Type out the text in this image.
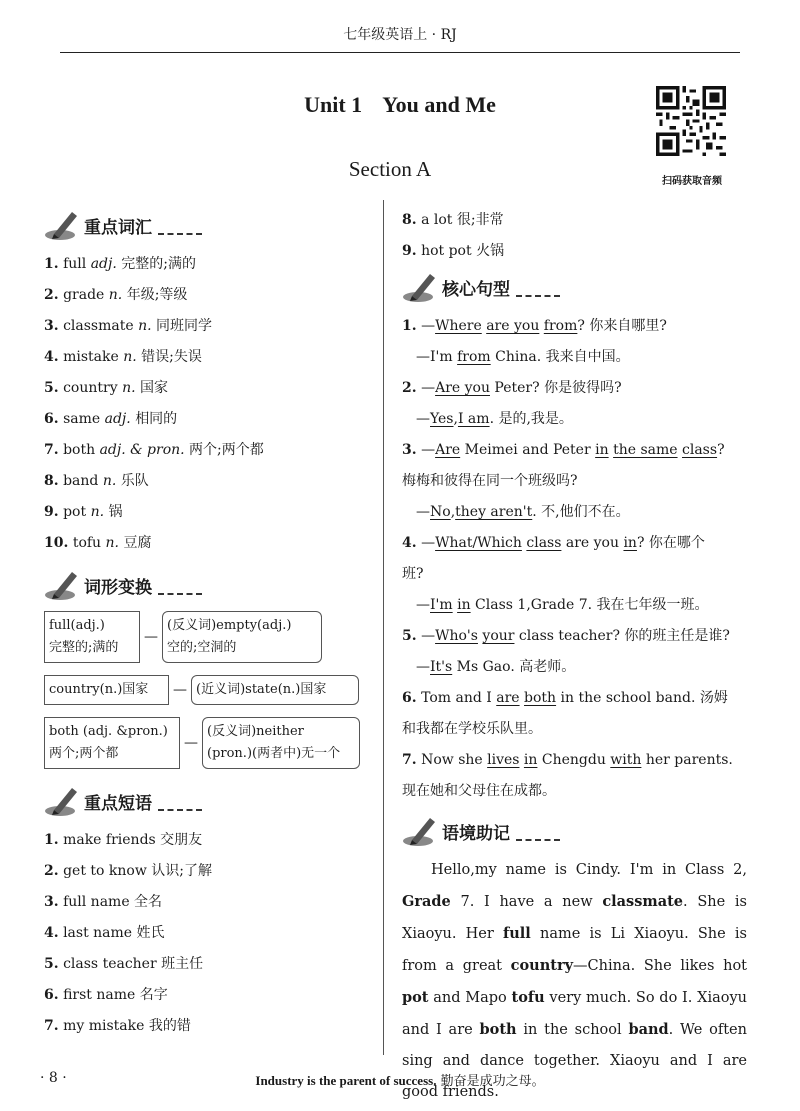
七年级英语上 · RJ
Unit 1 You and Me
Section A
扫码获取音频
重点词汇
1. full adj. 完整的;满的
2. grade n. 年级;等级
3. classmate n. 同班同学
4. mistake n. 错误;失误
5. country n. 国家
6. same adj. 相同的
7. both adj. & pron. 两个;两个都
8. band n. 乐队
9. pot n. 锅
10. tofu n. 豆腐
词形变换
full(adj.)
完整的;满的
—
(反义词)empty(adj.)
空的;空洞的
country(n.)国家	— (近义词)state(n.)国家
both (adj. &pron.)
两个;两个都
—
(反义词)neither
(pron.)(两者中)无一个
重点短语
1. make friends 交朋友
2. get to know 认识;了解
3. full name 全名
4. last name 姓氏
5. class teacher 班主任
6. first name 名字
7. my mistake 我的错
8. a lot 很;非常
9. hot pot 火锅
核心句型
1. —Where are you from? 你来自哪里?
—I'm from China. 我来自中国。
2. —Are you Peter? 你是彼得吗?
—Yes,I am. 是的,我是。
3. —Are Meimei and Peter in the same class?
梅梅和彼得在同一个班级吗?
—No,they aren't. 不,他们不在。
4. —What/Which class are you in? 你在哪个
班?
—I'm in Class 1,Grade 7. 我在七年级一班。
5. —Who's your class teacher? 你的班主任是谁?
—It's Ms Gao. 高老师。
6. Tom and I are both in the school band. 汤姆
和我都在学校乐队里。
7. Now she lives in Chengdu with her parents.
现在她和父母住在成都。
语境助记
Hello,my name is Cindy. I'm in Class 2, Grade 7. I have a new classmate. She is Xiaoyu. Her full name is Li Xiaoyu. She is from a great country—China. She likes hot pot and Mapo tofu very much. So do I. Xiaoyu and I are both in the school band. We often sing and dance together. Xiaoyu and I are good friends.
· 8 ·	Industry is the parent of success. 勤奋是成功之母。
